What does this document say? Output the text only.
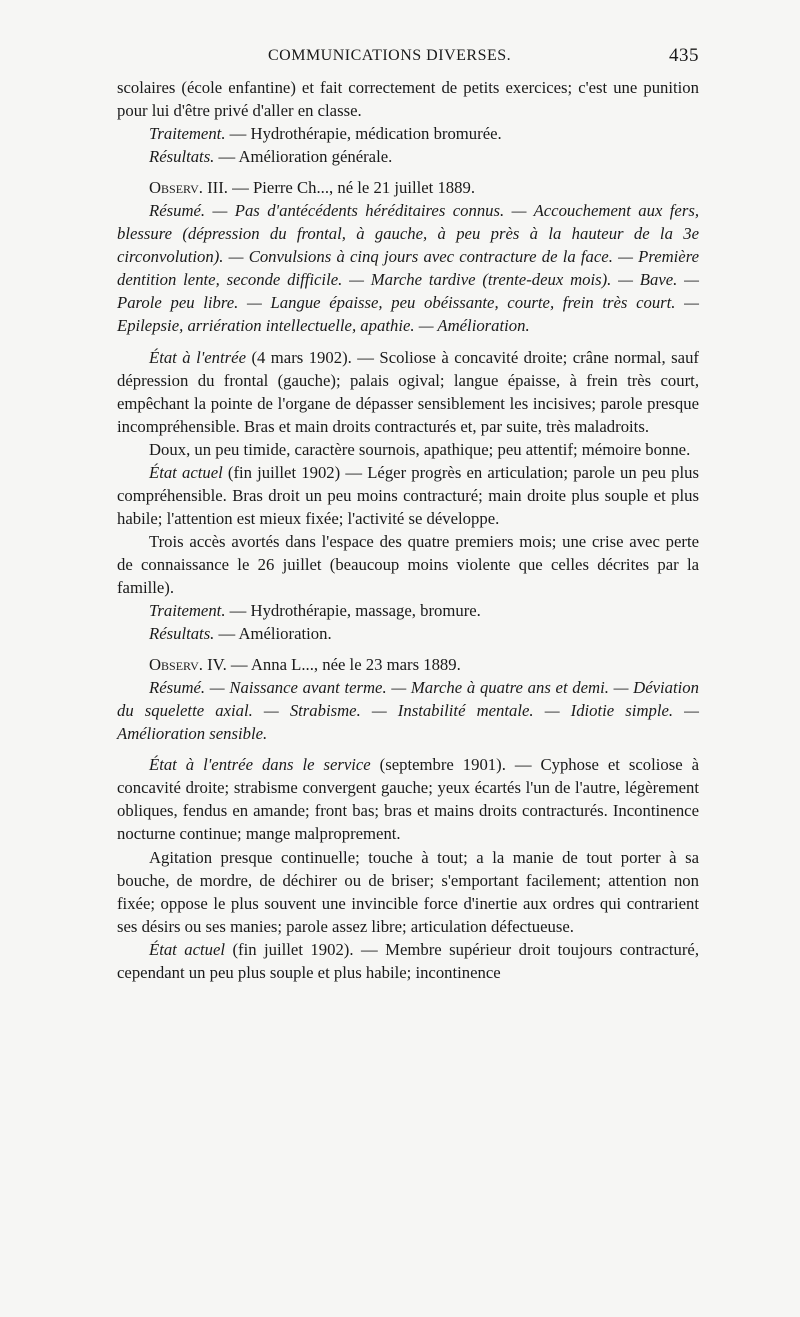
COMMUNICATIONS DIVERSES.	435

scolaires (école enfantine) et fait correctement de petits exercices; c'est une punition pour lui d'être privé d'aller en classe.

Traitement. — Hydrothérapie, médication bromurée.

Résultats. — Amélioration générale.

Observ. III. — Pierre Ch..., né le 21 juillet 1889.

Résumé. — Pas d'antécédents héréditaires connus. — Accouchement aux fers, blessure (dépression du frontal, à gauche, à peu près à la hauteur de la 3e circonvolution). — Convulsions à cinq jours avec contracture de la face. — Première dentition lente, seconde difficile. — Marche tardive (trente-deux mois). — Bave. — Parole peu libre. — Langue épaisse, peu obéissante, courte, frein très court. — Epilepsie, arriération intellectuelle, apathie. — Amélioration.

État à l'entrée (4 mars 1902). — Scoliose à concavité droite; crâne normal, sauf dépression du frontal (gauche); palais ogival; langue épaisse, à frein très court, empêchant la pointe de l'organe de dépasser sensiblement les incisives; parole presque incompréhensible. Bras et main droits contracturés et, par suite, très maladroits.

Doux, un peu timide, caractère sournois, apathique; peu attentif; mémoire bonne.

État actuel (fin juillet 1902) — Léger progrès en articulation; parole un peu plus compréhensible. Bras droit un peu moins contracturé; main droite plus souple et plus habile; l'attention est mieux fixée; l'activité se développe.

Trois accès avortés dans l'espace des quatre premiers mois; une crise avec perte de connaissance le 26 juillet (beaucoup moins violente que celles décrites par la famille).

Traitement. — Hydrothérapie, massage, bromure.

Résultats. — Amélioration.

Observ. IV. — Anna L..., née le 23 mars 1889.

Résumé. — Naissance avant terme. — Marche à quatre ans et demi. — Déviation du squelette axial. — Strabisme. — Instabilité mentale. — Idiotie simple. — Amélioration sensible.

État à l'entrée dans le service (septembre 1901). — Cyphose et scoliose à concavité droite; strabisme convergent gauche; yeux écartés l'un de l'autre, légèrement obliques, fendus en amande; front bas; bras et mains droits contracturés. Incontinence nocturne continue; mange malproprement.

Agitation presque continuelle; touche à tout; a la manie de tout porter à sa bouche, de mordre, de déchirer ou de briser; s'emportant facilement; attention non fixée; oppose le plus souvent une invincible force d'inertie aux ordres qui contrarient ses désirs ou ses manies; parole assez libre; articulation défectueuse.

État actuel (fin juillet 1902). — Membre supérieur droit toujours contracturé, cependant un peu plus souple et plus habile; incontinence
